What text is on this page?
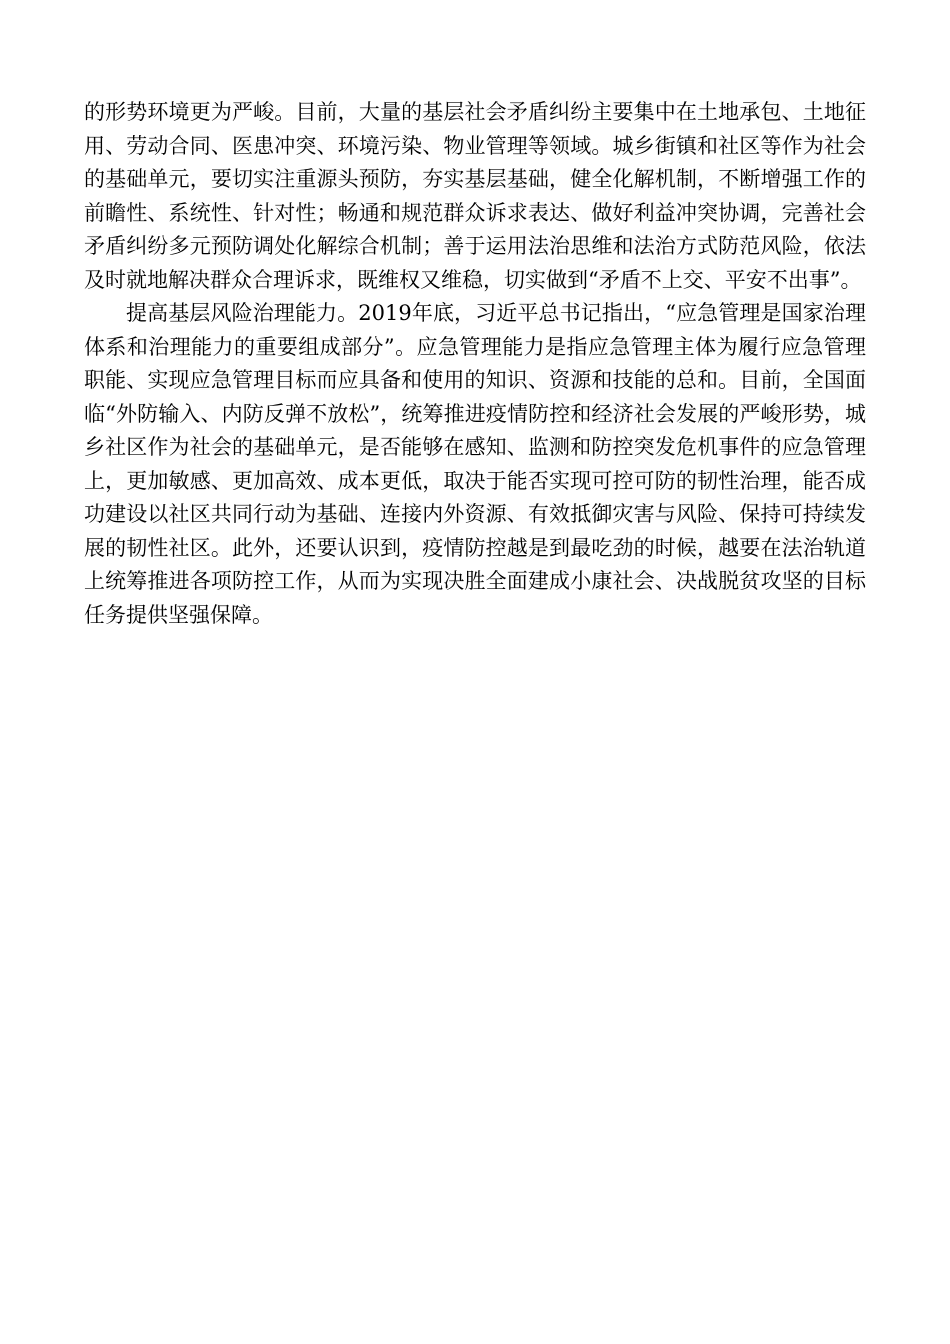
的形势环境更为严峻。目前，大量的基层社会矛盾纠纷主要集中在土地承包、土地征用、劳动合同、医患冲突、环境污染、物业管理等领域。城乡街镇和社区等作为社会的基础单元，要切实注重源头预防，夯实基层基础，健全化解机制，不断增强工作的前瞻性、系统性、针对性；畅通和规范群众诉求表达、做好利益冲突协调，完善社会矛盾纠纷多元预防调处化解综合机制；善于运用法治思维和法治方式防范风险，依法及时就地解决群众合理诉求，既维权又维稳，切实做到“矛盾不上交、平安不出事”。

提高基层风险治理能力。2019年底，习近平总书记指出，“应急管理是国家治理体系和治理能力的重要组成部分”。应急管理能力是指应急管理主体为履行应急管理职能、实现应急管理目标而应具备和使用的知识、资源和技能的总和。目前，全国面临“外防输入、内防反弹不放松”，统筹推进疫情防控和经济社会发展的严峻形势，城乡社区作为社会的基础单元，是否能够在感知、监测和防控突发危机事件的应急管理上，更加敏感、更加高效、成本更低，取决于能否实现可控可防的韧性治理，能否成功建设以社区共同行动为基础、连接内外资源、有效抵御灾害与风险、保持可持续发展的韧性社区。此外，还要认识到，疫情防控越是到最吃劲的时候，越要在法治轨道上统筹推进各项防控工作，从而为实现决胜全面建成小康社会、决战脱贫攻坚的目标任务提供坚强保障。
